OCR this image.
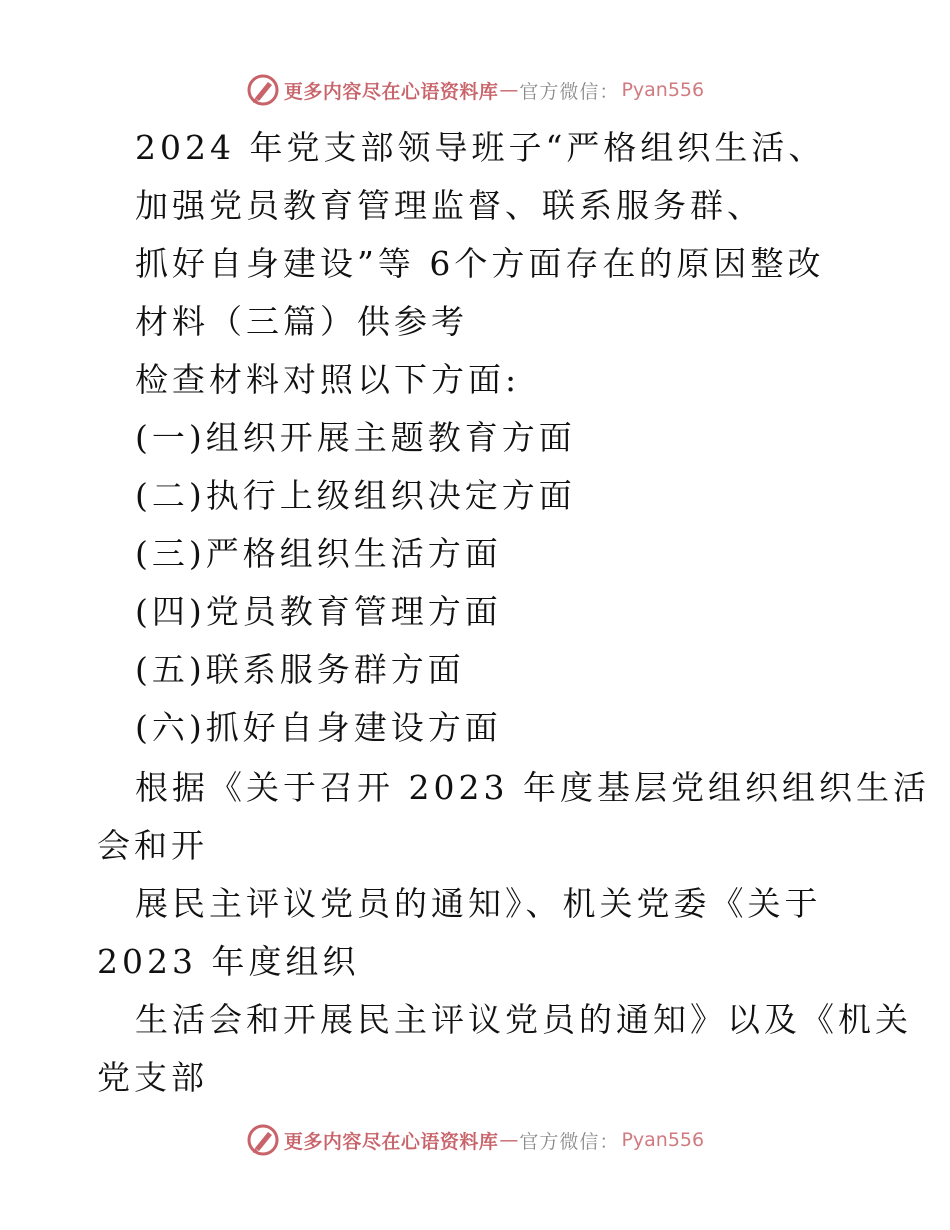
更多内容尽在心语资料库 — 官方微信： Pyan556
2024 年党支部领导班子“严格组织生活、
加强党员教育管理监督、联系服务群、
抓好自身建设”等 6个方面存在的原因整改
材料（三篇）供参考
检查材料对照以下方面:
(一)组织开展主题教育方面
(二)执行上级组织决定方面
(三)严格组织生活方面
(四)党员教育管理方面
(五)联系服务群方面
(六)抓好自身建设方面
根据《关于召开 2023 年度基层党组织组织生活
会和开
展民主评议党员的通知》、机关党委《关于
2023 年度组织
生活会和开展民主评议党员的通知》以及《机关
党支部
更多内容尽在心语资料库 — 官方微信： Pyan556
